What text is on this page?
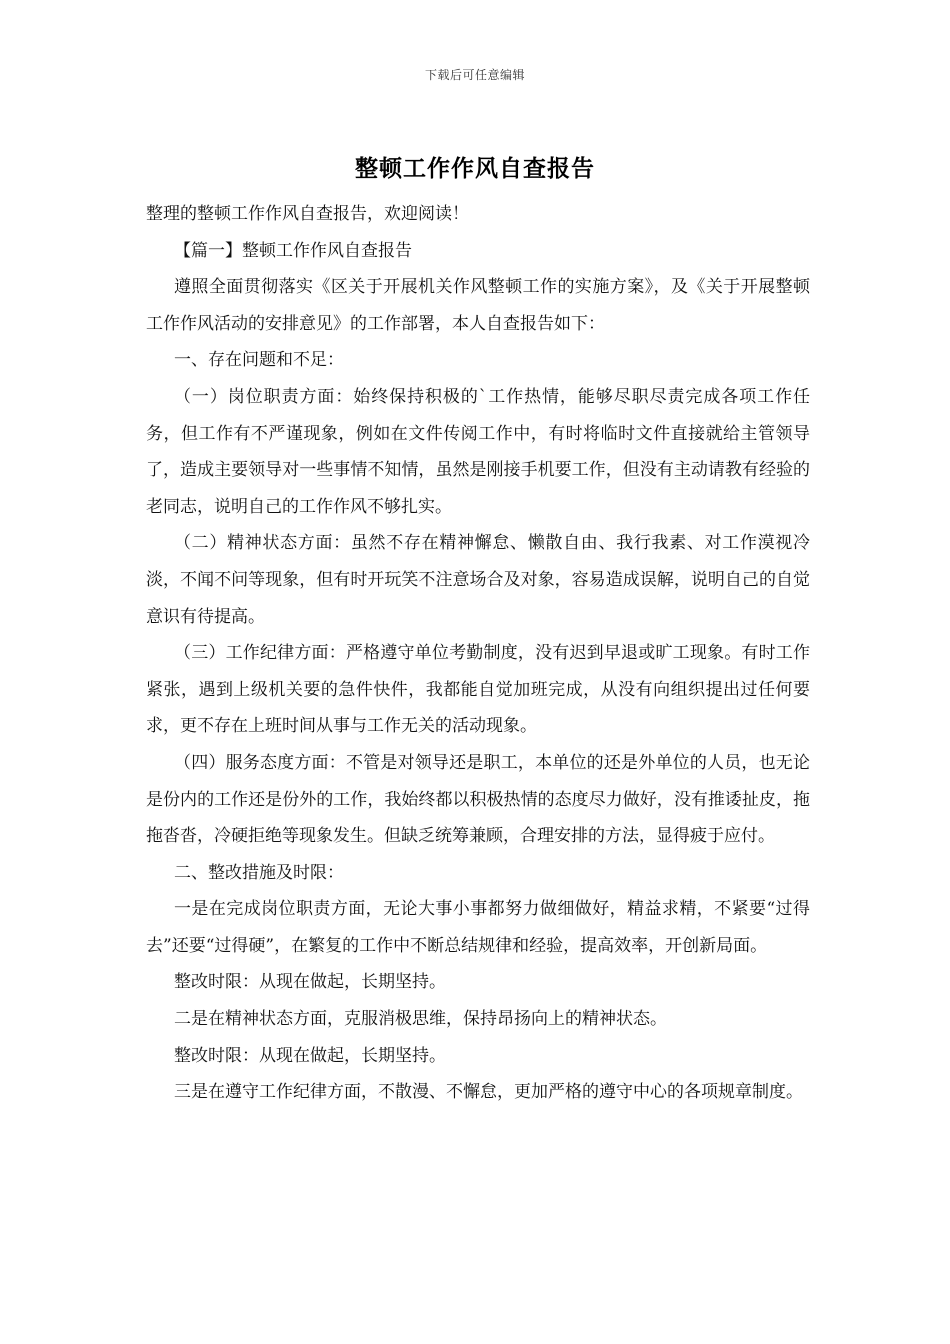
下载后可任意编辑
整顿工作作风自查报告

整理的整顿工作作风自查报告，欢迎阅读！

【篇一】整顿工作作风自查报告

遵照全面贯彻落实《区关于开展机关作风整顿工作的实施方案》，及《关于开展整顿工作作风活动的安排意见》的工作部署，本人自查报告如下：

一、存在问题和不足：

（一）岗位职责方面：始终保持积极的`工作热情，能够尽职尽责完成各项工作任务，但工作有不严谨现象，例如在文件传阅工作中，有时将临时文件直接就给主管领导了，造成主要领导对一些事情不知情，虽然是刚接手机要工作，但没有主动请教有经验的老同志，说明自己的工作作风不够扎实。

（二）精神状态方面：虽然不存在精神懈怠、懒散自由、我行我素、对工作漠视冷淡，不闻不问等现象，但有时开玩笑不注意场合及对象，容易造成误解，说明自己的自觉意识有待提高。

（三）工作纪律方面：严格遵守单位考勤制度，没有迟到早退或旷工现象。有时工作紧张，遇到上级机关要的急件快件，我都能自觉加班完成，从没有向组织提出过任何要求，更不存在上班时间从事与工作无关的活动现象。

（四）服务态度方面：不管是对领导还是职工，本单位的还是外单位的人员，也无论是份内的工作还是份外的工作，我始终都以积极热情的态度尽力做好，没有推诿扯皮，拖拖沓沓，冷硬拒绝等现象发生。但缺乏统筹兼顾，合理安排的方法，显得疲于应付。

二、整改措施及时限：

一是在完成岗位职责方面，无论大事小事都努力做细做好，精益求精，不紧要“过得去”还要“过得硬”，在繁复的工作中不断总结规律和经验，提高效率，开创新局面。

整改时限：从现在做起，长期坚持。

二是在精神状态方面，克服消极思维，保持昂扬向上的精神状态。

整改时限：从现在做起，长期坚持。

三是在遵守工作纪律方面，不散漫、不懈怠，更加严格的遵守中心的各项规章制度。
